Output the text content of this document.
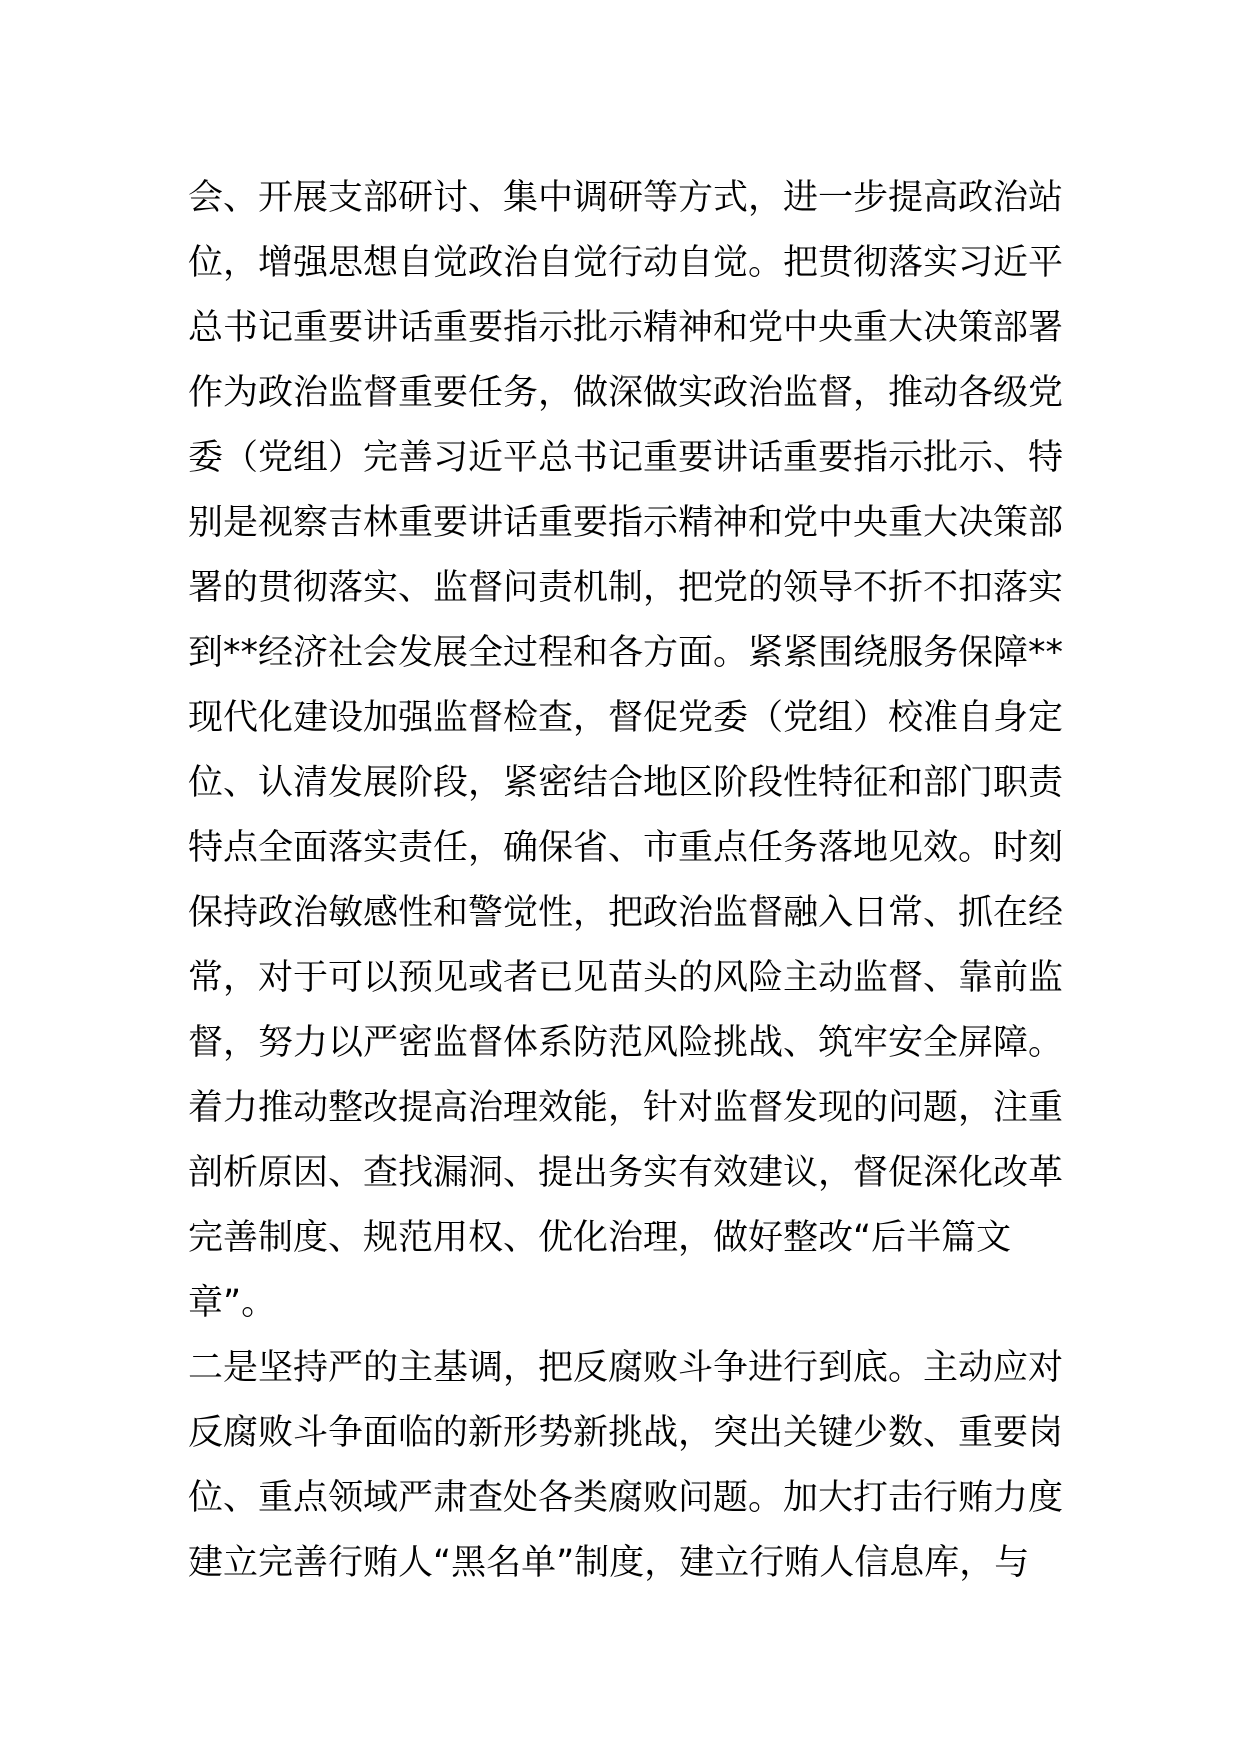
会、开展支部研讨、集中调研等方式，进一步提高政治站
位，增强思想自觉政治自觉行动自觉。把贯彻落实习近平
总书记重要讲话重要指示批示精神和党中央重大决策部署
作为政治监督重要任务，做深做实政治监督，推动各级党
委（党组）完善习近平总书记重要讲话重要指示批示、特
别是视察吉林重要讲话重要指示精神和党中央重大决策部
署的贯彻落实、监督问责机制，把党的领导不折不扣落实
到**经济社会发展全过程和各方面。紧紧围绕服务保障**
现代化建设加强监督检查，督促党委（党组）校准自身定
位、认清发展阶段，紧密结合地区阶段性特征和部门职责
特点全面落实责任，确保省、市重点任务落地见效。时刻
保持政治敏感性和警觉性，把政治监督融入日常、抓在经
常，对于可以预见或者已见苗头的风险主动监督、靠前监
督，努力以严密监督体系防范风险挑战、筑牢安全屏障。
着力推动整改提高治理效能，针对监督发现的问题，注重
剖析原因、查找漏洞、提出务实有效建议，督促深化改革
完善制度、规范用权、优化治理，做好整改“后半篇文
章”。
二是坚持严的主基调，把反腐败斗争进行到底。主动应对
反腐败斗争面临的新形势新挑战，突出关键少数、重要岗
位、重点领域严肃查处各类腐败问题。加大打击行贿力度
建立完善行贿人“黑名单”制度，建立行贿人信息库，与
